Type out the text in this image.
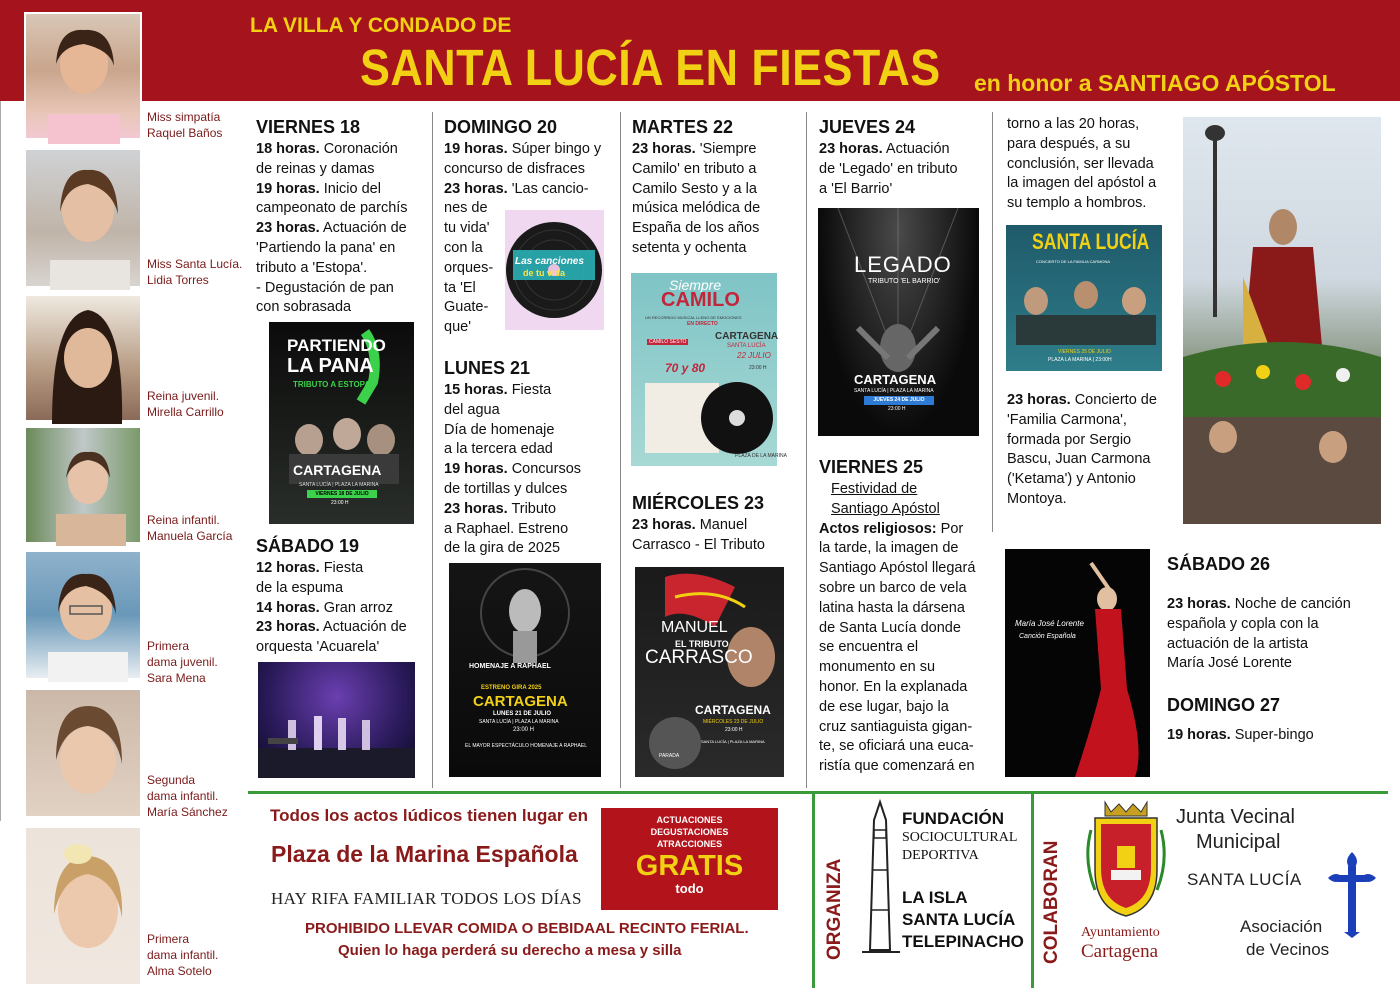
LA VILLA Y CONDADO DE
SANTA LUCÍA EN FIESTAS en honor a SANTIAGO APÓSTOL
Miss simpatía
Raquel Baños
Miss Santa Lucía.
Lidia Torres
Reina juvenil.
Mirella Carrillo
Reina infantil.
Manuela García
Primera
dama juvenil.
Sara Mena
Segunda
dama infantil.
María Sánchez
Primera
dama infantil.
Alma Sotelo
VIERNES 18
18 horas. Coronación
de reinas y damas
19 horas. Inicio del
campeonato de parchís
23 horas. Actuación de
'Partiendo la pana' en
tributo a 'Estopa'.
- Degustación de pan
con sobrasada
PARTIENDO
LA PANA
TRIBUTO A ESTOPA
CARTAGENA
SANTA LUCÍA | PLAZA LA MARINA
VIERNES 18 DE JULIO
23:00 H
SÁBADO 19
12 horas. Fiesta
de la espuma
14 horas. Gran arroz
23 horas. Actuación de
orquesta 'Acuarela'
DOMINGO 20
19 horas. Súper bingo y
concurso de disfraces
23 horas. 'Las cancio-
nes de
tu vida'
con la
orques-
ta 'El
Guate-
que'
Las canciones
de tu vida
LUNES 21
15 horas. Fiesta
del agua
Día de homenaje
a la tercera edad
19 horas. Concursos
de tortillas y dulces
23 horas. Tributo
a Raphael. Estreno
de la gira de 2025
HOMENAJE A RAPHAEL
ESTRENO GIRA 2025
CARTAGENA
LUNES 21 DE JULIO
SANTA LUCÍA | PLAZA LA MARINA
23:00 H
EL MAYOR ESPECTÁCULO HOMENAJE A RAPHAEL
MARTES 22
23 horas. 'Siempre
Camilo' en tributo a
Camilo Sesto y a la
música melódica de
España de los años
setenta y ochenta
Siempre
CAMILO
UN RECORRIDO MUSICAL LLENO DE EMOCIONES
EN DIRECTO
CARTAGENA
SANTA LUCÍA
22 JULIO
23:00 H
CAMILO SESTO
70 y 80
PLAZA DE LA MARINA
MIÉRCOLES 23
23 horas. Manuel
Carrasco - El Tributo
MANUEL
EL TRIBUTO
CARRASCO
CARTAGENA
MIÉRCOLES 23 DE JULIO
23:00 H
SANTA LUCÍA | PLAZA LA MARINA
PARADA
JUEVES 24
23 horas. Actuación
de 'Legado' en tributo
a 'El Barrio'
LEGADO
TRIBUTO 'EL BARRIO'
CARTAGENA
SANTA LUCÍA | PLAZA LA MARINA
JUEVES 24 DE JULIO
23:00 H
VIERNES 25
Festividad de
Santiago Apóstol
Actos religiosos: Por
la tarde, la imagen de
Santiago Apóstol llegará
sobre un barco de vela
latina hasta la dársena
de Santa Lucía donde
se encuentra el
monumento en su
honor. En la explanada
de ese lugar, bajo la
cruz santiaguista gigan-
te, se oficiará una euca-
ristía que comenzará en
torno a las 20 horas,
para después, a su
conclusión, ser llevada
la imagen del apóstol a
su templo a hombros.
SANTA LUCÍA
CONCIERTO DE LA FAMILIA CARMONA
VIERNES 25 DE JULIO
PLAZA LA MARINA | 23:00H
23 horas. Concierto de
'Familia Carmona',
formada por Sergio
Bascu, Juan Carmona
('Ketama') y Antonio
Montoya.
María José Lorente
Canción Española
SÁBADO 26
23 horas. Noche de canción
española y copla con la
actuación de la artista
María José Lorente
DOMINGO 27
19 horas. Super-bingo
Todos los actos lúdicos tienen lugar en
Plaza de la Marina Española
HAY RIFA FAMILIAR TODOS LOS DÍAS
PROHIBIDO LLEVAR COMIDA O BEBIDAAL RECINTO FERIAL.
Quien lo haga perderá su derecho a mesa y silla
ACTUACIONES
DEGUSTACIONES
ATRACCIONES
GRATIS
todo	ORGANIZA
FUNDACIÓN
SOCIOCULTURAL
DEPORTIVA
LA ISLA
SANTA LUCÍA
TELEPINACHO COLABORAN Ayuntamiento
Cartagena
Junta Vecinal
Municipal
SANTA LUCÍA
Asociación
de Vecinos
